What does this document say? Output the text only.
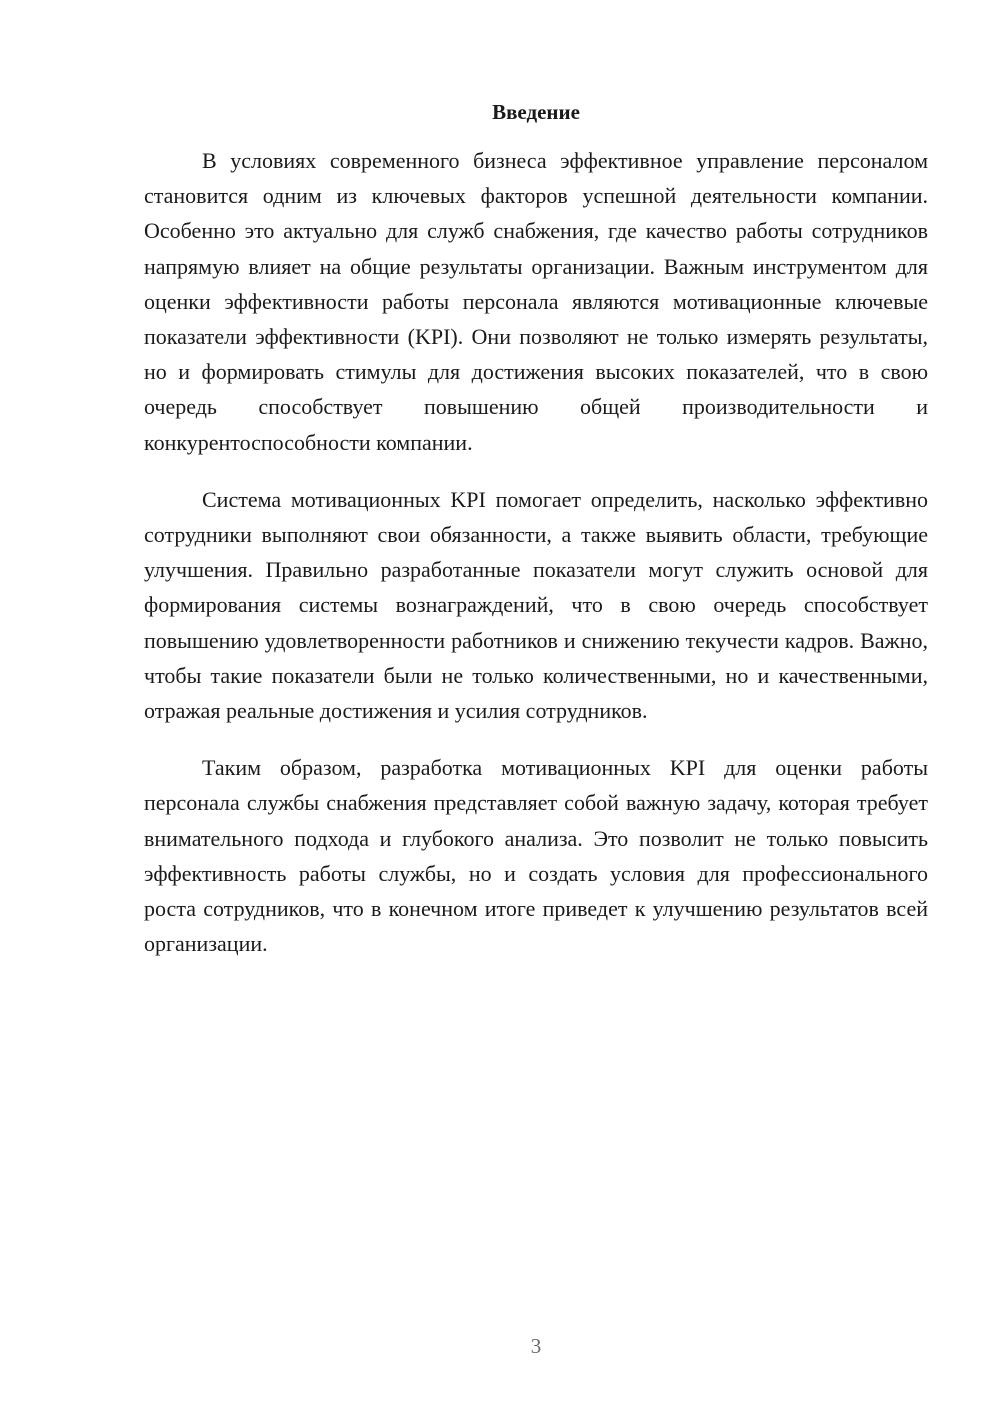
Введение

В условиях современного бизнеса эффективное управление персоналом становится одним из ключевых факторов успешной деятельности компании. Особенно это актуально для служб снабжения, где качество работы сотрудников напрямую влияет на общие результаты организации. Важным инструментом для оценки эффективности работы персонала являются мотивационные ключевые показатели эффективности (KPI). Они позволяют не только измерять результаты, но и формировать стимулы для достижения высоких показателей, что в свою очередь способствует повышению общей производительности и конкурентоспособности компании.

Система мотивационных KPI помогает определить, насколько эффективно сотрудники выполняют свои обязанности, а также выявить области, требующие улучшения. Правильно разработанные показатели могут служить основой для формирования системы вознаграждений, что в свою очередь способствует повышению удовлетворенности работников и снижению текучести кадров. Важно, чтобы такие показатели были не только количественными, но и качественными, отражая реальные достижения и усилия сотрудников.

Таким образом, разработка мотивационных KPI для оценки работы персонала службы снабжения представляет собой важную задачу, которая требует внимательного подхода и глубокого анализа. Это позволит не только повысить эффективность работы службы, но и создать условия для профессионального роста сотрудников, что в конечном итоге приведет к улучшению результатов всей организации.

3
